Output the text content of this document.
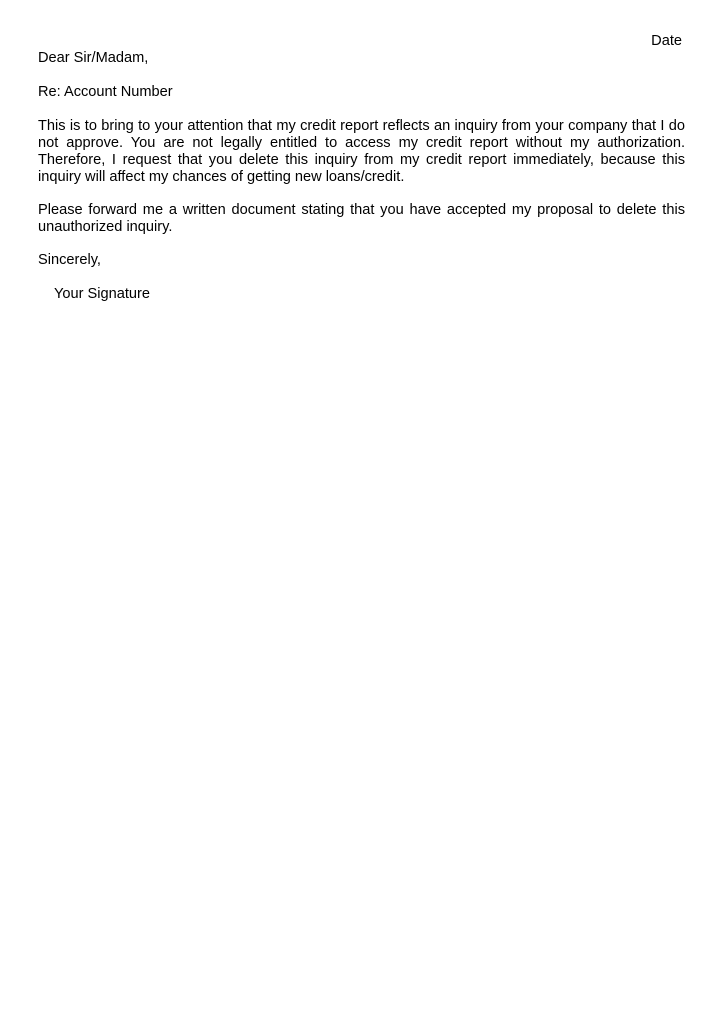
Date
Dear Sir/Madam,
Re: Account Number

This is to bring to your attention that my credit report reflects an inquiry from your company that I do not approve. You are not legally entitled to access my credit report without my authorization. Therefore, I request that you delete this inquiry from my credit report immediately, because this inquiry will affect my chances of getting new loans/credit.

Please forward me a written document stating that you have accepted my proposal to delete this unauthorized inquiry.

Sincerely,
Your Signature
